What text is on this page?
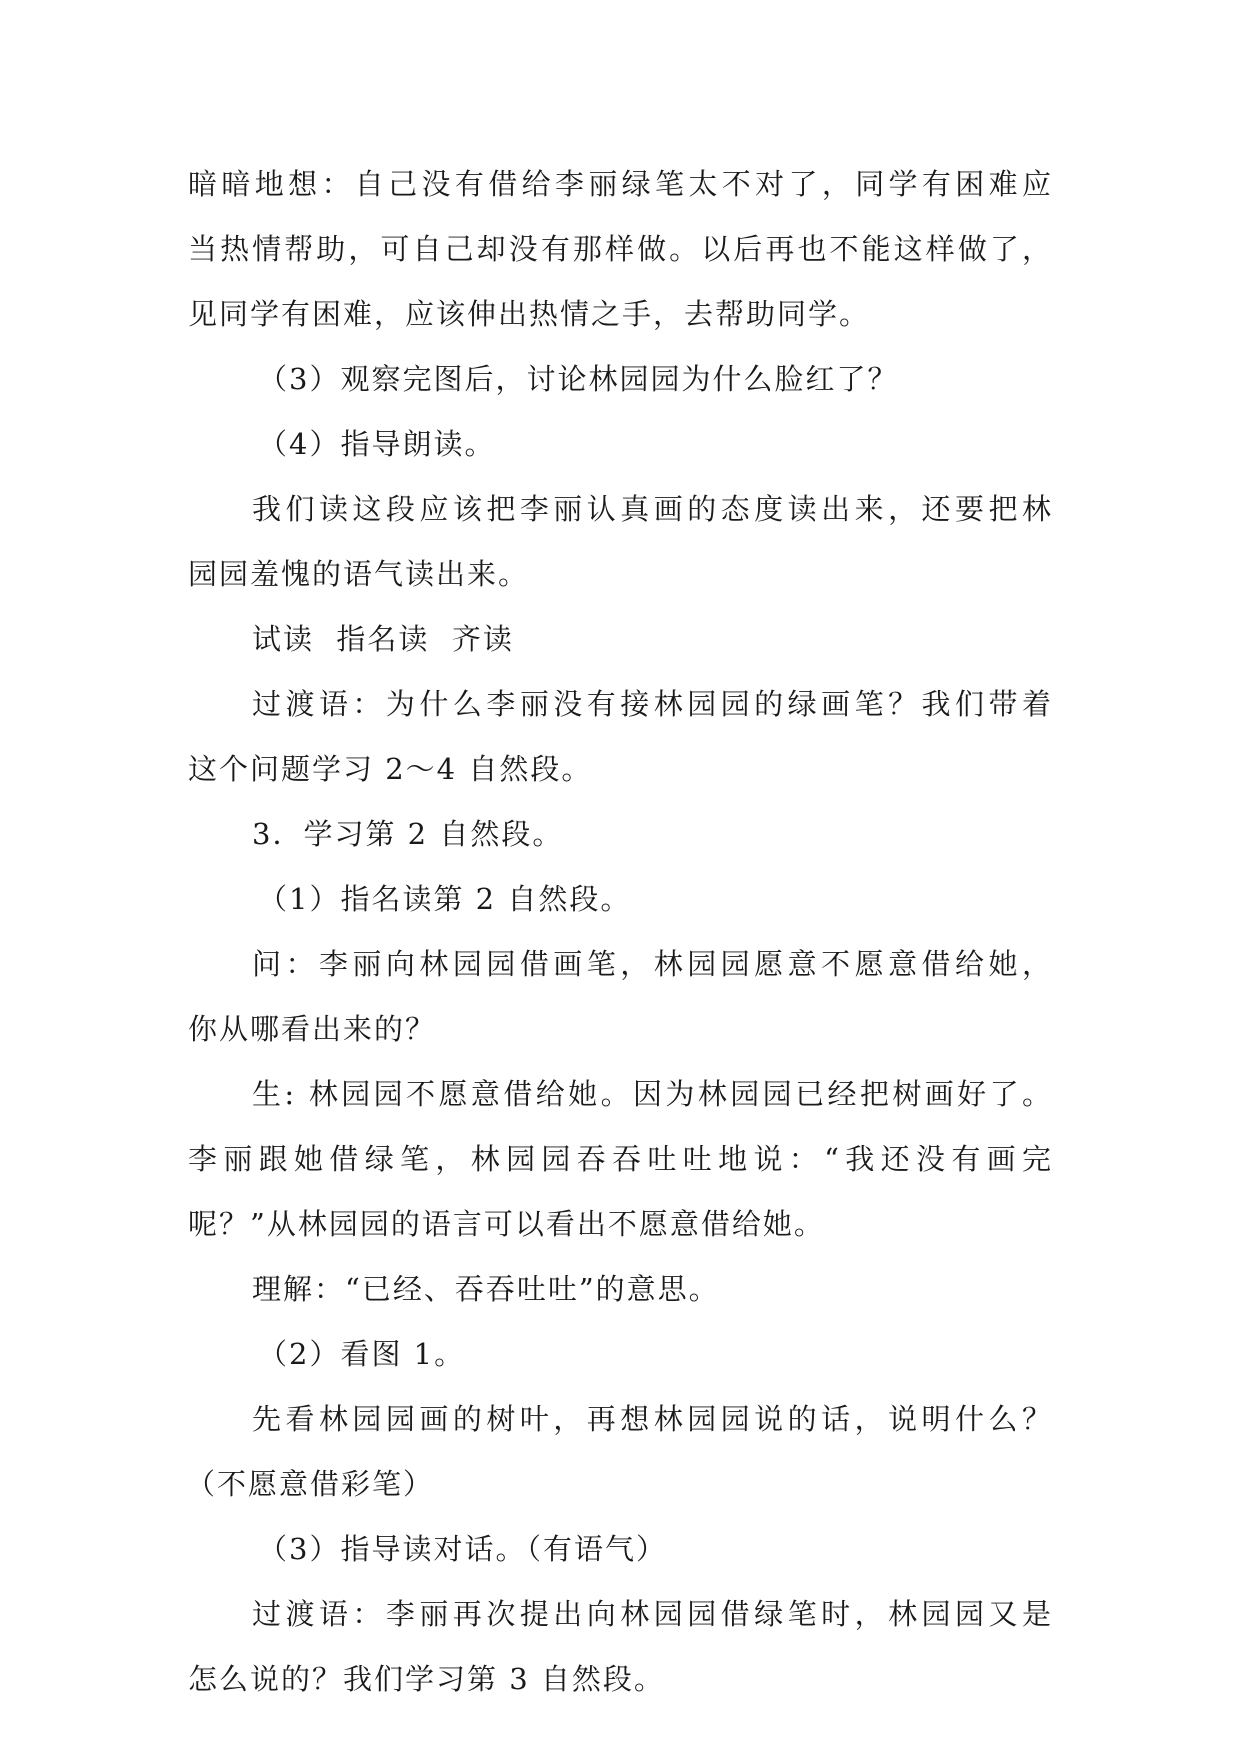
暗暗地想：自己没有借给李丽绿笔太不对了，同学有困难应
当热情帮助，可自己却没有那样做。以后再也不能这样做了，
见同学有困难，应该伸出热情之手，去帮助同学。
（3）观察完图后，讨论林园园为什么脸红了？
（4）指导朗读。
我们读这段应该把李丽认真画的态度读出来，还要把林
园园羞愧的语气读出来。
试读  指名读  齐读
过渡语：为什么李丽没有接林园园的绿画笔？我们带着
这个问题学习 2～4 自然段。
3．学习第 2 自然段。
（1）指名读第 2 自然段。
问：李丽向林园园借画笔，林园园愿意不愿意借给她，
你从哪看出来的？
生: 林园园不愿意借给她。因为林园园已经把树画好了。
李丽跟她借绿笔，林园园吞吞吐吐地说：“我还没有画完
呢？”从林园园的语言可以看出不愿意借给她。
理解：“已经、吞吞吐吐”的意思。
（2）看图 1。
先看林园园画的树叶，再想林园园说的话，说明什么？
（不愿意借彩笔）
（3）指导读对话。（有语气）
过渡语：李丽再次提出向林园园借绿笔时，林园园又是
怎么说的？我们学习第 3 自然段。
